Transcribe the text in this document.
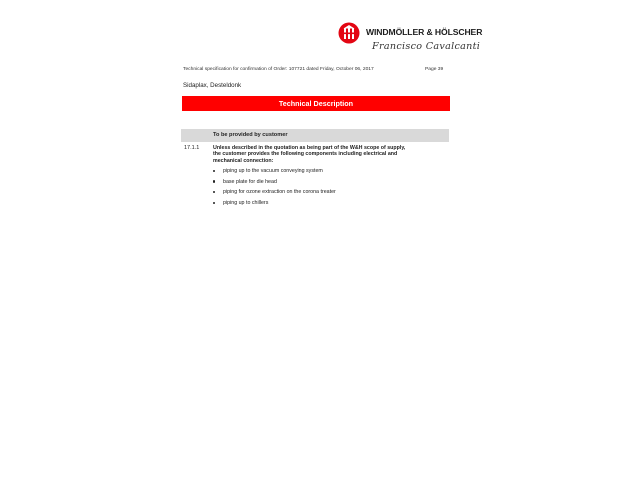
WINDMÖLLER & HÖLSCHER
Francisco Cavalcanti
Technical specification for confirmation of Order: 107721 dated Friday, October 06, 2017	Page 39
Sidaplax, Desteldonk
Technical Description
To be provided by customer
17.1.1	Unless described in the quotation as being part of the W&H scope of supply, the customer provides the following components including electrical and mechanical connection:
piping up to the vacuum conveying system
base plate for die head
piping for ozone extraction on the corona treater
piping up to chillers
